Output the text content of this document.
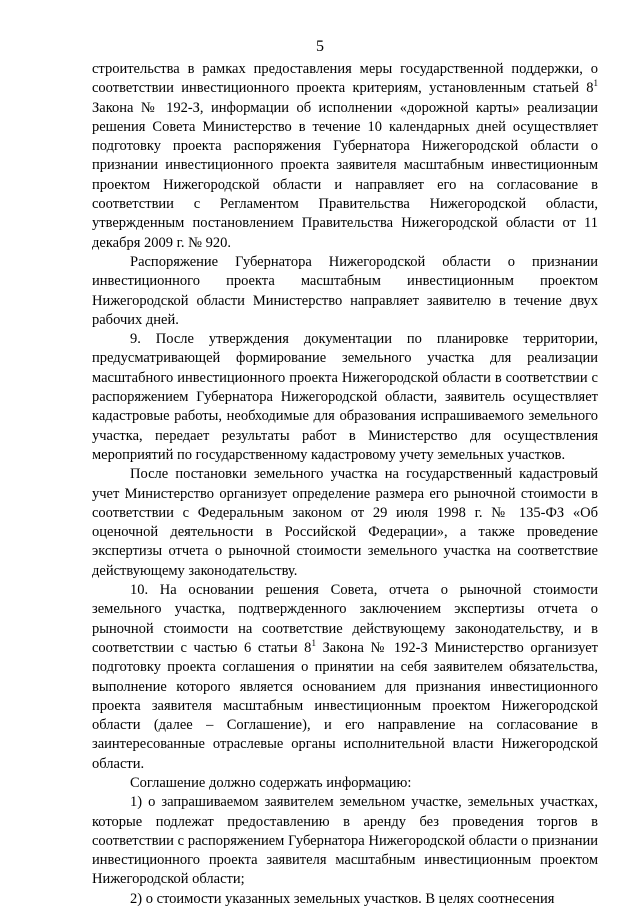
5

строительства в рамках предоставления меры государственной поддержки, о соответствии инвестиционного проекта критериям, установленным статьей $8^1$ Закона № 192-З, информации об исполнении «дорожной карты» реализации решения Совета Министерство в течение 10 календарных дней осуществляет подготовку проекта распоряжения Губернатора Нижегородской области о признании инвестиционного проекта заявителя масштабным инвестиционным проектом Нижегородской области и направляет его на согласование в соответствии с Регламентом Правительства Нижегородской области, утвержденным постановлением Правительства Нижегородской области от 11 декабря 2009 г. № 920.

Распоряжение Губернатора Нижегородской области о признании инвестиционного проекта масштабным инвестиционным проектом Нижегородской области Министерство направляет заявителю в течение двух рабочих дней.

9. После утверждения документации по планировке территории, предусматривающей формирование земельного участка для реализации масштабного инвестиционного проекта Нижегородской области в соответствии с распоряжением Губернатора Нижегородской области, заявитель осуществляет кадастровые работы, необходимые для образования испрашиваемого земельного участка, передает результаты работ в Министерство для осуществления мероприятий по государственному кадастровому учету земельных участков.

После постановки земельного участка на государственный кадастровый учет Министерство организует определение размера его рыночной стоимости в соответствии с Федеральным законом от 29 июля 1998 г. № 135-ФЗ «Об оценочной деятельности в Российской Федерации», а также проведение экспертизы отчета о рыночной стоимости земельного участка на соответствие действующему законодательству.

10. На основании решения Совета, отчета о рыночной стоимости земельного участка, подтвержденного заключением экспертизы отчета о рыночной стоимости на соответствие действующему законодательству, и в соответствии с частью 6 статьи $8^1$ Закона № 192-З Министерство организует подготовку проекта соглашения о принятии на себя заявителем обязательства, выполнение которого является основанием для признания инвестиционного проекта заявителя масштабным инвестиционным проектом Нижегородской области (далее – Соглашение), и его направление на согласование в заинтересованные отраслевые органы исполнительной власти Нижегородской области.

Соглашение должно содержать информацию:

1) о запрашиваемом заявителем земельном участке, земельных участках, которые подлежат предоставлению в аренду без проведения торгов в соответствии с распоряжением Губернатора Нижегородской области о признании инвестиционного проекта заявителя масштабным инвестиционным проектом Нижегородской области;

2) о стоимости указанных земельных участков. В целях соотнесения
